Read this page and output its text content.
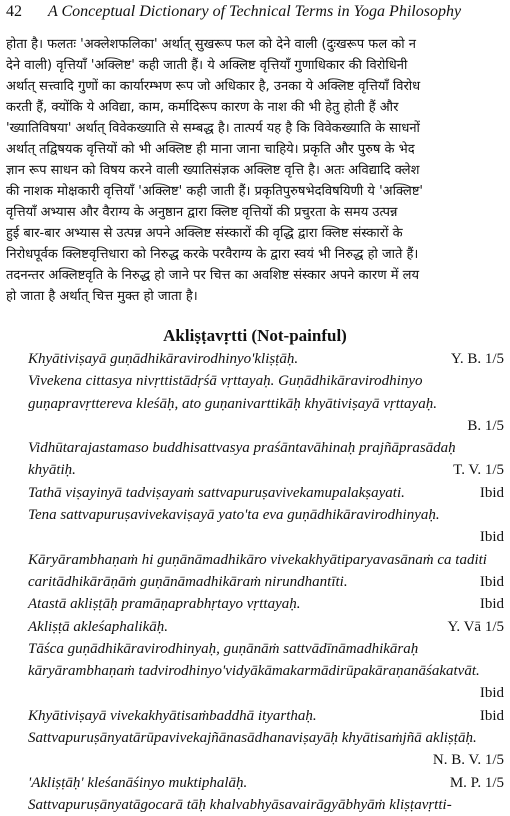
42 A Conceptual Dictionary of Technical Terms in Yoga Philosophy
होता है। फलतः 'अक्लेशफलिका' अर्थात् सुखरूप फल को देने वाली (दुःखरूप फल को न
देने वाली) वृत्तियाँ 'अक्लिष्ट' कही जाती हैं। ये अक्लिष्ट वृत्तियाँ गुणाधिकार की विरोधिनी
अर्थात् सत्त्वादि गुणों का कार्यारम्भण रूप जो अधिकार है, उनका ये अक्लिष्ट वृत्तियाँ विरोध
करती हैं, क्योंकि ये अविद्या, काम, कर्मादिरूप कारण के नाश की भी हेतु होती हैं और
'ख्यातिविषया' अर्थात् विवेकख्याति से सम्बद्ध है। तात्पर्य यह है कि विवेकख्याति के साधनों
अर्थात् तद्विषयक वृत्तियों को भी अक्लिष्ट ही माना जाना चाहिये। प्रकृति और पुरुष के भेद
ज्ञान रूप साधन को विषय करने वाली ख्यातिसंज्ञक अक्लिष्ट वृत्ति है। अतः अविद्यादि क्लेश
की नाशक मोक्षकारी वृत्तियाँ 'अक्लिष्ट' कही जाती हैं। प्रकृतिपुरुषभेदविषयिणी ये 'अक्लिष्ट'
वृत्तियाँ अभ्यास और वैराग्य के अनुष्ठान द्वारा क्लिष्ट वृत्तियों की प्रचुरता के समय उत्पन्न
हुई बार-बार अभ्यास से उत्पन्न अपने अक्लिष्ट संस्कारों की वृद्धि द्वारा क्लिष्ट संस्कारों के
निरोधपूर्वक क्लिष्टवृत्तिधारा को निरुद्ध करके परवैराग्य के द्वारा स्वयं भी निरुद्ध हो जाते हैं।
तदनन्तर अक्लिष्टवृति के निरुद्ध हो जाने पर चित्त का अवशिष्ट संस्कार अपने कारण में लय
हो जाता है अर्थात् चित्त मुक्त हो जाता है।
Akliṣṭavṛtti (Not-painful)
Khyātiviṣayā guṇādhikāravirodhinyo'kliṣṭāḥ.	Y. B. 1/5
Vivekena cittasya nivṛttistādṛśā vṛttayaḥ. Guṇādhikāravirodhinyo
guṇapravṛttereva kleśāḥ, ato guṇanivarttikāḥ khyātiviṣayā vṛttayaḥ.
B. 1/5
Vidhūtarajastamaso buddhisattvasya praśāntavāhinaḥ prajñāprasādaḥ
khyātiḥ.	T. V. 1/5
Tathā viṣayinyā tadviṣayaṁ sattvapuruṣavivekamupalakṣayati.	Ibid
Tena sattvapuruṣavivekaviṣayā yato'ta eva guṇādhikāravirodhinyaḥ.
Ibid
Kāryārambhaṇaṁ hi guṇānāmadhikāro vivekakhyātiparyavasānaṁ ca taditi
caritādhikārāṇāṁ guṇānāmadhikāraṁ nirundhantīti.	Ibid
Atastā akliṣṭāḥ pramāṇaprabhṛtayo vṛttayaḥ.	Ibid
Akliṣṭā akleśaphalikāḥ.	Y. Vā 1/5
Tāśca guṇādhikāravirodhinyaḥ, guṇānāṁ sattvādīnāmadhikāraḥ
kāryārambhaṇaṁ tadvirodhinyo'vidyākāmakarmādirūpakāraṇanāśakatvāt.
Ibid
Khyātiviṣayā vivekakhyātisaṁbaddhā ityarthaḥ.	Ibid
Sattvapuruṣānyatārūpavivekajñānasādhanaviṣayāḥ khyātisaṁjñā akliṣṭāḥ.
N. B. V. 1/5
'Akliṣṭāḥ' kleśanāśinyo muktiphalāḥ.	M. P. 1/5
Sattvapuruṣānyatāgocarā tāḥ khalvabhyāsavairāgyābhyāṁ kliṣṭavṛtti-
